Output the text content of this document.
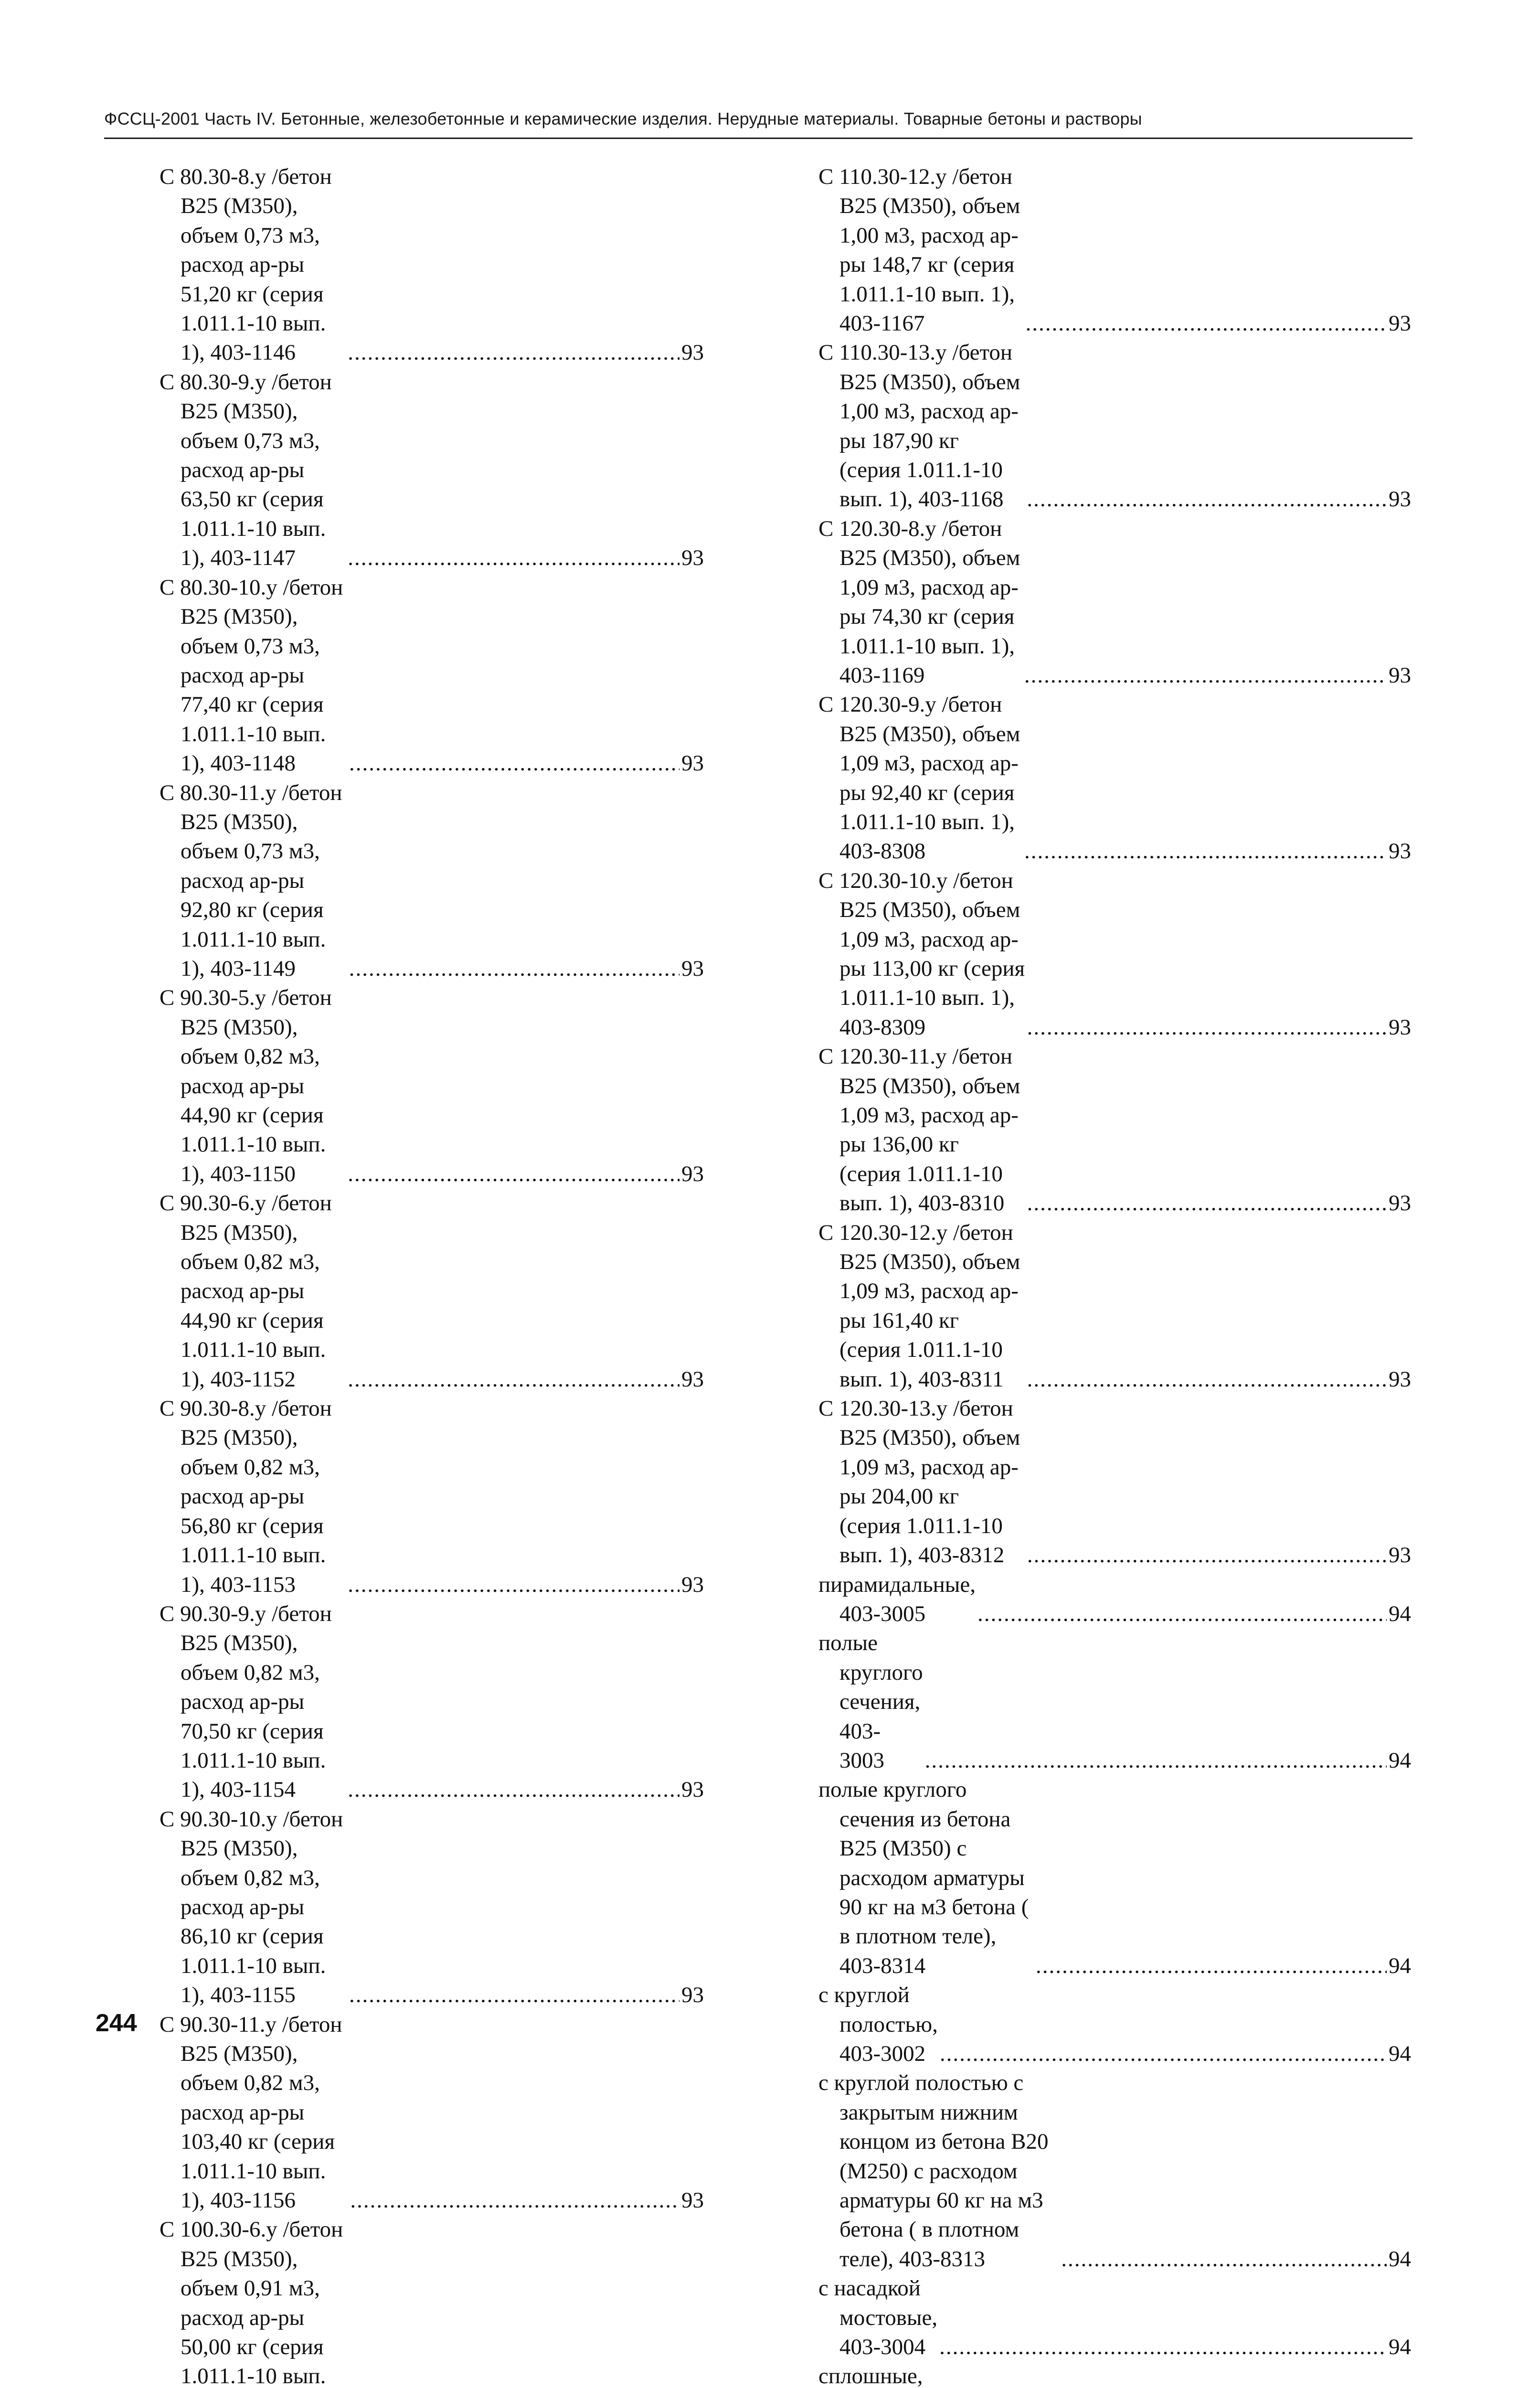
ФССЦ-2001 Часть IV. Бетонные, железобетонные и керамические изделия. Нерудные материалы. Товарные бетоны и растворы
С 80.30-8.у /бетон В25 (М350), объем 0,73 м3, расход ар-ры 51,20 кг (серия 1.011.1-10 вып. 1), 403-1146 .....	93
С 80.30-9.у /бетон В25 (М350), объем 0,73 м3, расход ар-ры 63,50 кг (серия 1.011.1-10 вып. 1), 403-1147 .....	93
С 80.30-10.у /бетон В25 (М350), объем 0,73 м3, расход ар-ры 77,40 кг (серия 1.011.1-10 вып. 1), 403-1148 .....	93
С 80.30-11.у /бетон В25 (М350), объем 0,73 м3, расход ар-ры 92,80 кг (серия 1.011.1-10 вып. 1), 403-1149 .....	93
С 90.30-5.у /бетон В25 (М350), объем 0,82 м3, расход ар-ры 44,90 кг (серия 1.011.1-10 вып. 1), 403-1150 .....	93
С 90.30-6.у /бетон В25 (М350), объем 0,82 м3, расход ар-ры 44,90 кг (серия 1.011.1-10 вып. 1), 403-1152 .....	93
С 90.30-8.у /бетон В25 (М350), объем 0,82 м3, расход ар-ры 56,80 кг (серия 1.011.1-10 вып. 1), 403-1153 .....	93
С 90.30-9.у /бетон В25 (М350), объем 0,82 м3, расход ар-ры 70,50 кг (серия 1.011.1-10 вып. 1), 403-1154 .....	93
С 90.30-10.у /бетон В25 (М350), объем 0,82 м3, расход ар-ры 86,10 кг (серия 1.011.1-10 вып. 1), 403-1155 .....	93
С 90.30-11.у /бетон В25 (М350), объем 0,82 м3, расход ар-ры 103,40 кг (серия 1.011.1-10 вып. 1), 403-1156 .....	93
С 100.30-6.у /бетон В25 (М350), объем 0,91 м3, расход ар-ры 50,00 кг (серия 1.011.1-10 вып.
С 110.30-12.у /бетон В25 (М350), объем 1,00 м3, расход ар-ры 148,7 кг (серия 1.011.1-10 вып. 1), 403-1167 .....	93
С 110.30-13.у /бетон В25 (М350), объем 1,00 м3, расход ар-ры 187,90 кг (серия 1.011.1-10 вып. 1), 403-1168 .....	93
С 120.30-8.у /бетон В25 (М350), объем 1,09 м3, расход ар-ры 74,30 кг (серия 1.011.1-10 вып. 1), 403-1169 .....	93
С 120.30-9.у /бетон В25 (М350), объем 1,09 м3, расход ар-ры 92,40 кг (серия 1.011.1-10 вып. 1), 403-8308 .....	93
С 120.30-10.у /бетон В25 (М350), объем 1,09 м3, расход ар-ры 113,00 кг (серия 1.011.1-10 вып. 1), 403-8309 .....	93
С 120.30-11.у /бетон В25 (М350), объем 1,09 м3, расход ар-ры 136,00 кг (серия 1.011.1-10 вып. 1), 403-8310 .....	93
С 120.30-12.у /бетон В25 (М350), объем 1,09 м3, расход ар-ры 161,40 кг (серия 1.011.1-10 вып. 1), 403-8311 .....	93
С 120.30-13.у /бетон В25 (М350), объем 1,09 м3, расход ар-ры 204,00 кг (серия 1.011.1-10 вып. 1), 403-8312 .....	93
пирамидальные, 403-3005 .....	94
полые круглого сечения, 403-3003 .....	94
полые круглого сечения из бетона В25 (М350) с расходом арматуры 90 кг на м3 бетона ( в плотном теле), 403-8314 .....	94
с круглой полостью, 403-3002 .....	94
с круглой полостью с закрытым нижним концом из бетона В20 (М250) с расходом арматуры 60 кг на м3 бетона ( в плотном теле), 403-8313 .....	94
с насадкой мостовые, 403-3004 .....	94
сплошные,
244
